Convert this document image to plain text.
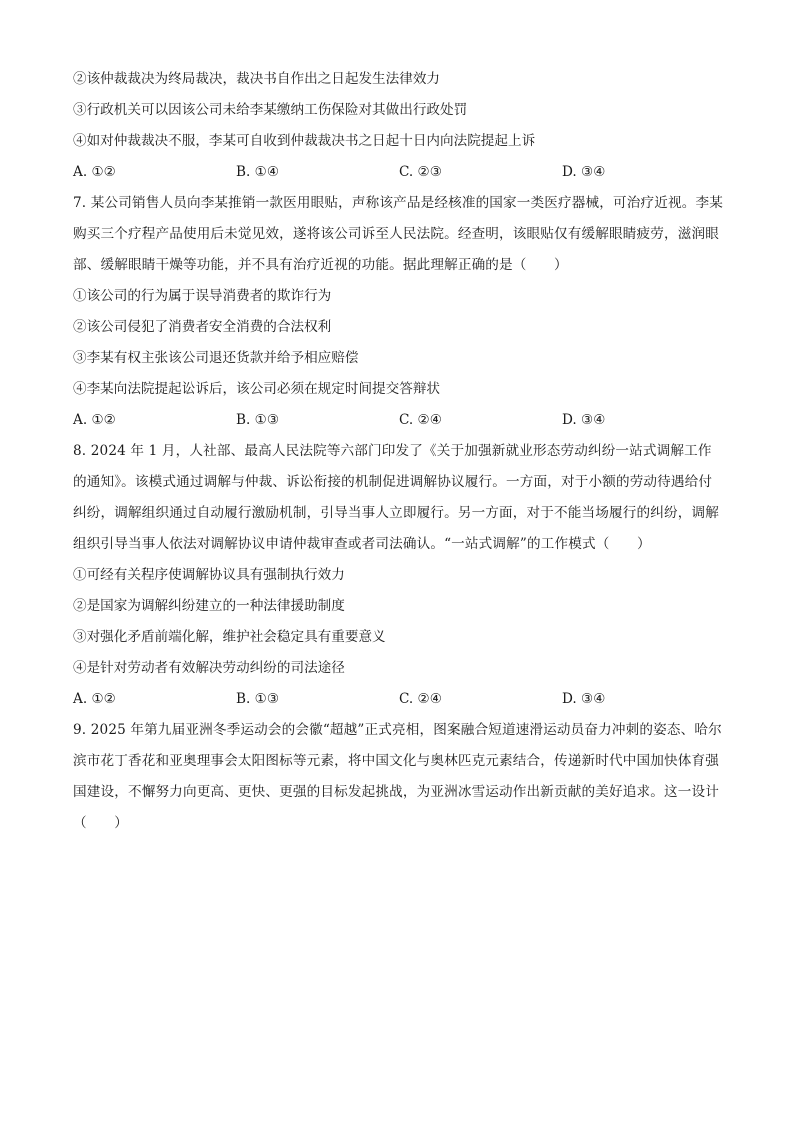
②该仲裁裁决为终局裁决，裁决书自作出之日起发生法律效力

③行政机关可以因该公司未给李某缴纳工伤保险对其做出行政处罚

④如对仲裁裁决不服，李某可自收到仲裁裁决书之日起十日内向法院提起上诉

A. ①②	B. ①④	C. ②③	D. ③④

7. 某公司销售人员向李某推销一款医用眼贴，声称该产品是经核准的国家一类医疗器械，可治疗近视。李某购买三个疗程产品使用后未觉见效，遂将该公司诉至人民法院。经查明，该眼贴仅有缓解眼睛疲劳，滋润眼部、缓解眼睛干燥等功能，并不具有治疗近视的功能。据此理解正确的是（　　）

①该公司的行为属于误导消费者的欺诈行为

②该公司侵犯了消费者安全消费的合法权利

③李某有权主张该公司退还货款并给予相应赔偿

④李某向法院提起讼诉后，该公司必须在规定时间提交答辩状

A. ①②	B. ①③	C. ②④	D. ③④

8. 2024 年 1 月，人社部、最高人民法院等六部门印发了《关于加强新就业形态劳动纠纷一站式调解工作的通知》。该模式通过调解与仲裁、诉讼衔接的机制促进调解协议履行。一方面，对于小额的劳动待遇给付纠纷，调解组织通过自动履行激励机制，引导当事人立即履行。另一方面，对于不能当场履行的纠纷，调解组织引导当事人依法对调解协议申请仲裁审查或者司法确认。“一站式调解”的工作模式（　　）

①可经有关程序使调解协议具有强制执行效力

②是国家为调解纠纷建立的一种法律援助制度

③对强化矛盾前端化解，维护社会稳定具有重要意义

④是针对劳动者有效解决劳动纠纷的司法途径

A. ①②	B. ①③	C. ②④	D. ③④

9. 2025 年第九届亚洲冬季运动会的会徽“超越”正式亮相，图案融合短道速滑运动员奋力冲刺的姿态、哈尔滨市花丁香花和亚奥理事会太阳图标等元素，将中国文化与奥林匹克元素结合，传递新时代中国加快体育强国建设，不懈努力向更高、更快、更强的目标发起挑战，为亚洲冰雪运动作出新贡献的美好追求。这一设计（　　）
